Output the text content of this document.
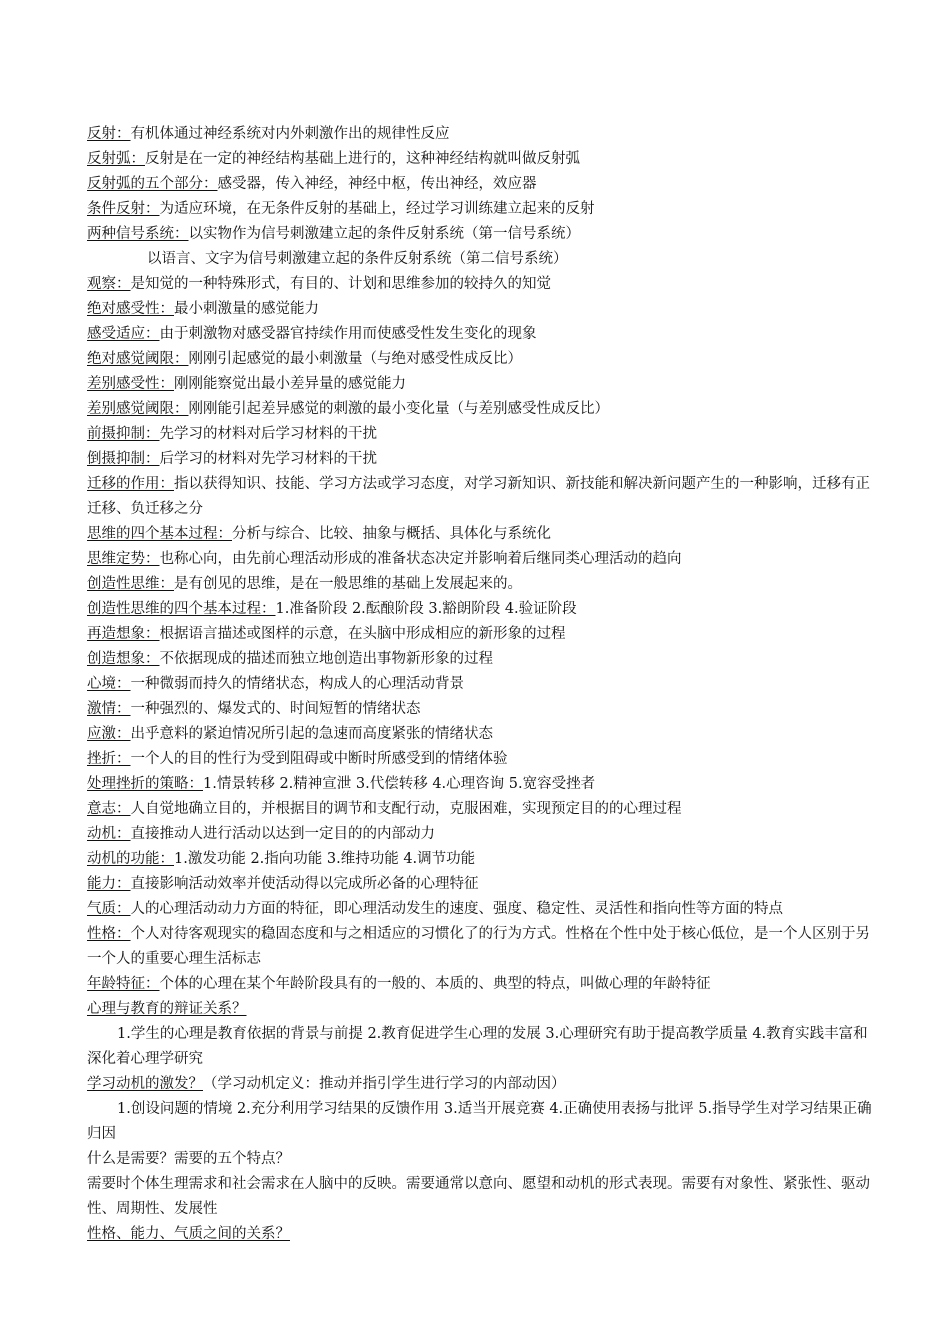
反射：有机体通过神经系统对内外刺激作出的规律性反应

反射弧：反射是在一定的神经结构基础上进行的，这种神经结构就叫做反射弧

反射弧的五个部分：感受器，传入神经，神经中枢，传出神经，效应器

条件反射：为适应环境，在无条件反射的基础上，经过学习训练建立起来的反射

两种信号系统：以实物作为信号刺激建立起的条件反射系统（第一信号系统）

以语言、文字为信号刺激建立起的条件反射系统（第二信号系统）

观察：是知觉的一种特殊形式，有目的、计划和思维参加的较持久的知觉

绝对感受性：最小刺激量的感觉能力

感受适应：由于刺激物对感受器官持续作用而使感受性发生变化的现象

绝对感觉阈限：刚刚引起感觉的最小刺激量（与绝对感受性成反比）

差别感受性：刚刚能察觉出最小差异量的感觉能力

差别感觉阈限：刚刚能引起差异感觉的刺激的最小变化量（与差别感受性成反比）

前摄抑制：先学习的材料对后学习材料的干扰

倒摄抑制：后学习的材料对先学习材料的干扰

迁移的作用：指以获得知识、技能、学习方法或学习态度，对学习新知识、新技能和解决新问题产生的一种影响，迁移有正迁移、负迁移之分

思维的四个基本过程：分析与综合、比较、抽象与概括、具体化与系统化

思维定势：也称心向，由先前心理活动形成的准备状态决定并影响着后继同类心理活动的趋向

创造性思维：是有创见的思维，是在一般思维的基础上发展起来的。

创造性思维的四个基本过程：1.准备阶段 2.酝酿阶段 3.豁朗阶段 4.验证阶段

再造想象：根据语言描述或图样的示意，在头脑中形成相应的新形象的过程

创造想象：不依据现成的描述而独立地创造出事物新形象的过程

心境：一种微弱而持久的情绪状态，构成人的心理活动背景

激情：一种强烈的、爆发式的、时间短暂的情绪状态

应激：出乎意料的紧迫情况所引起的急速而高度紧张的情绪状态

挫折：一个人的目的性行为受到阻碍或中断时所感受到的情绪体验

处理挫折的策略：1.情景转移 2.精神宣泄 3.代偿转移 4.心理咨询 5.宽容受挫者

意志：人自觉地确立目的，并根据目的调节和支配行动，克服困难，实现预定目的的心理过程

动机：直接推动人进行活动以达到一定目的的内部动力

动机的功能：1.激发功能 2.指向功能 3.维持功能 4.调节功能

能力：直接影响活动效率并使活动得以完成所必备的心理特征

气质：人的心理活动动力方面的特征，即心理活动发生的速度、强度、稳定性、灵活性和指向性等方面的特点

性格：个人对待客观现实的稳固态度和与之相适应的习惯化了的行为方式。性格在个性中处于核心低位，是一个人区别于另一个人的重要心理生活标志

年龄特征：个体的心理在某个年龄阶段具有的一般的、本质的、典型的特点，叫做心理的年龄特征

心理与教育的辩证关系？

1.学生的心理是教育依据的背景与前提 2.教育促进学生心理的发展 3.心理研究有助于提高教学质量 4.教育实践丰富和深化着心理学研究

学习动机的激发？（学习动机定义：推动并指引学生进行学习的内部动因）

1.创设问题的情境 2.充分利用学习结果的反馈作用 3.适当开展竞赛 4.正确使用表扬与批评 5.指导学生对学习结果正确归因

什么是需要？需要的五个特点？

需要时个体生理需求和社会需求在人脑中的反映。需要通常以意向、愿望和动机的形式表现。需要有对象性、紧张性、驱动性、周期性、发展性

性格、能力、气质之间的关系？
